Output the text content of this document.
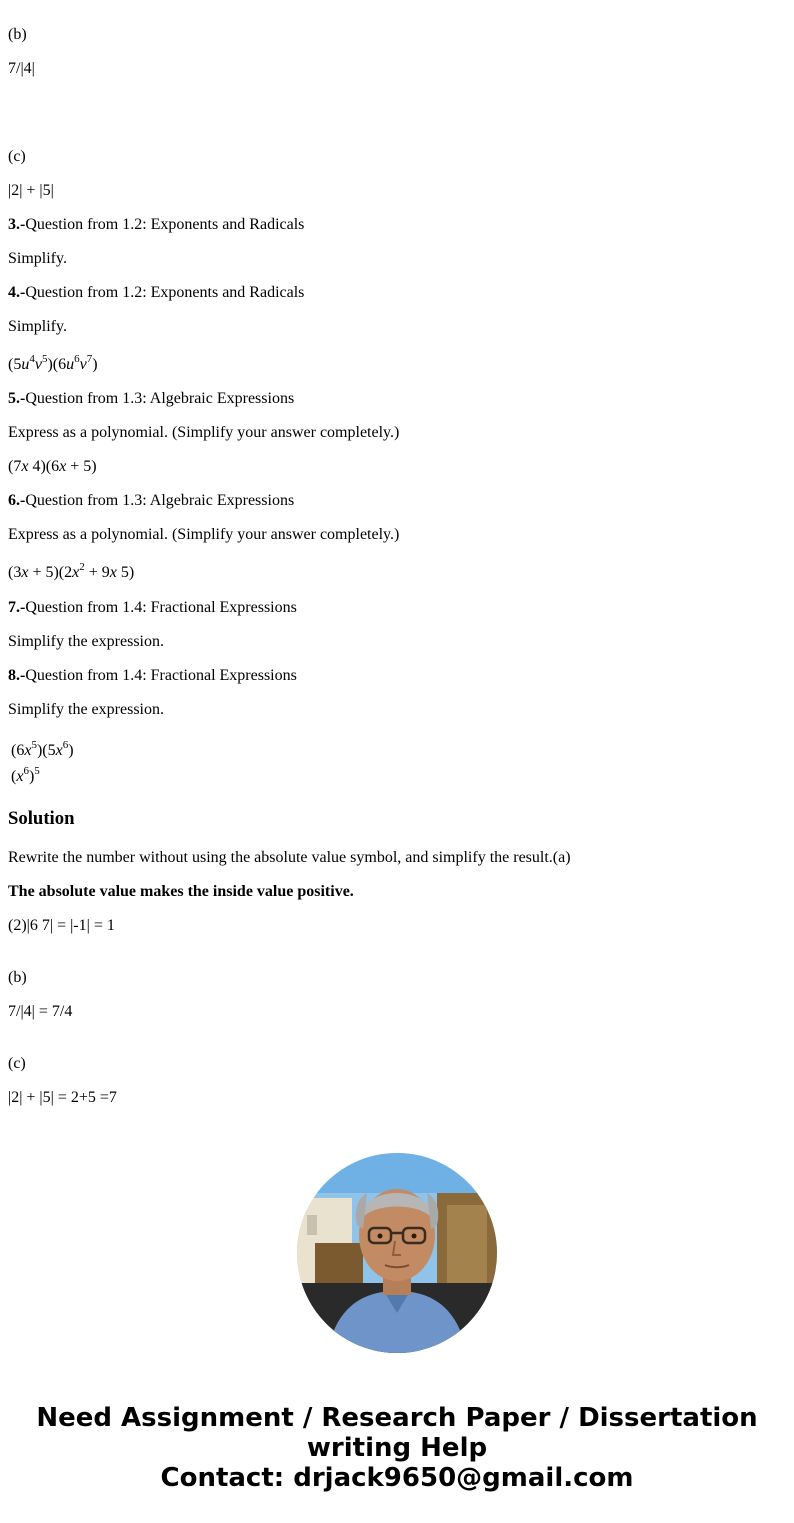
(b)
7/|4|
(c)
|2| + |5|
3.-Question from 1.2: Exponents and Radicals
Simplify.
4.-Question from 1.2: Exponents and Radicals
Simplify.
$(5u^4v^5)(6u^6v^7)$
5.-Question from 1.3: Algebraic Expressions
Express as a polynomial. (Simplify your answer completely.)
(7x 4)(6x + 5)
6.-Question from 1.3: Algebraic Expressions
Express as a polynomial. (Simplify your answer completely.)
$(3x + 5)(2x^2 + 9x$ 5)
7.-Question from 1.4: Fractional Expressions
Simplify the expression.
8.-Question from 1.4: Fractional Expressions
Simplify the expression.
$(6x^5)(5x^6)$
$(x^6)^5$
Solution
Rewrite the number without using the absolute value symbol, and simplify the result.(a)
The absolute value makes the inside value positive.
(2)|6 7| = |-1| = 1
(b)
7/|4| = 7/4
(c)
|2| + |5| = 2+5 =7
Need Assignment / Research Paper / Dissertation
writing Help
Contact: drjack9650@gmail.com
